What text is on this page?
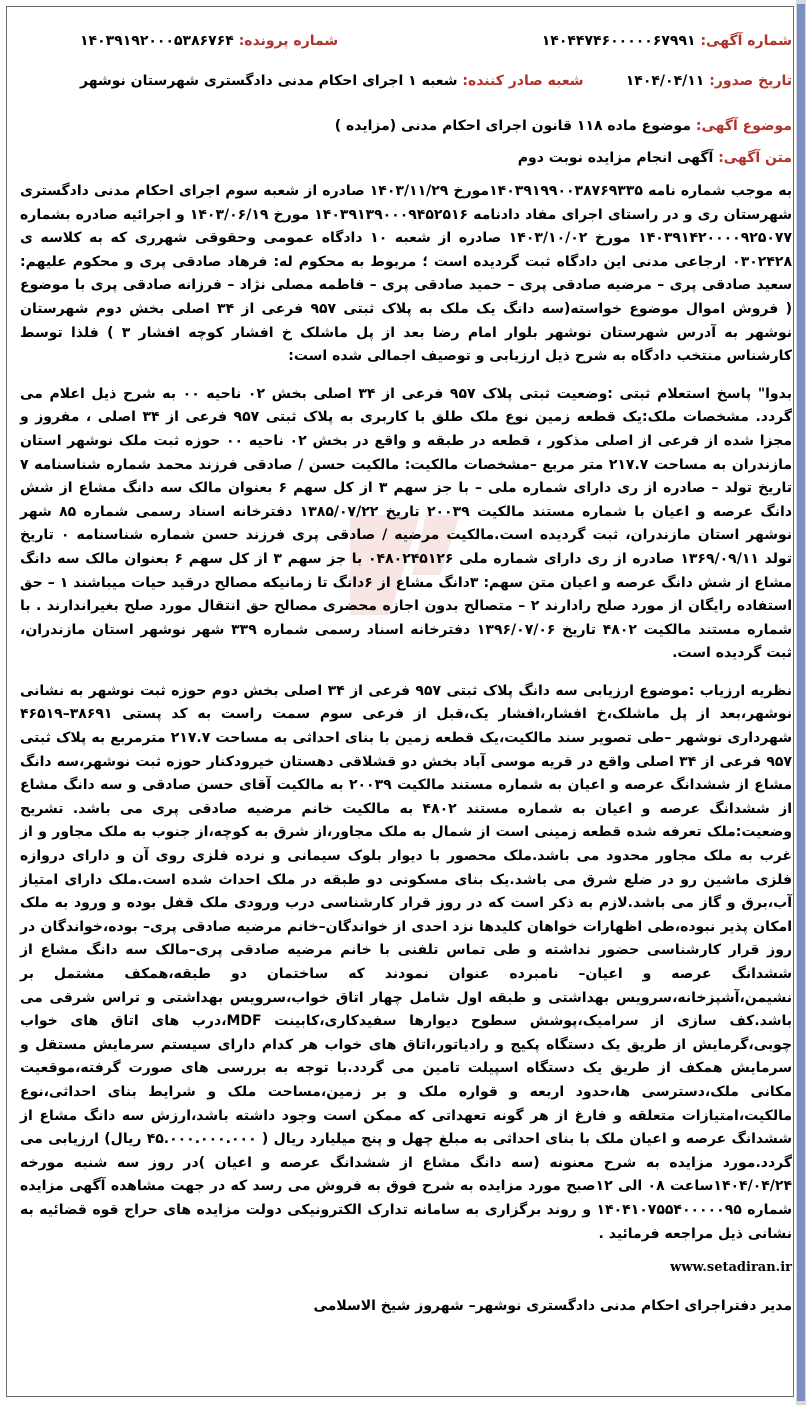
شماره آگهی: ۱۴۰۴۴۷۴۶۰۰۰۰۰۶۷۹۹۱
شماره پرونده: ۱۴۰۳۹۱۹۲۰۰۰۵۳۸۶۷۶۴
تاریخ صدور: ۱۴۰۴/۰۴/۱۱
شعبه صادر کننده: شعبه ۱ اجرای احکام مدنی دادگستری شهرستان نوشهر
موضوع آگهی: موضوع ماده ۱۱۸ قانون اجرای احکام مدنی (مزایده )
متن آگهی: آگهی انجام مزایده نوبت دوم

به موجب شماره نامه ۱۴۰۳۹۱۹۹۰۰۳۸۷۶۹۳۳۵مورخ ۱۴۰۳/۱۱/۲۹ صادره از شعبه سوم اجرای احکام مدنی دادگستری شهرستان ری و در راستای اجرای مفاد دادنامه ۱۴۰۳۹۱۳۹۰۰۰۹۴۵۲۵۱۶ مورخ ۱۴۰۳/۰۶/۱۹ و اجرائیه صادره بشماره ۱۴۰۳۹۱۴۲۰۰۰۰۹۲۵۰۷۷ مورخ ۱۴۰۳/۱۰/۰۲ صادره از شعبه ۱۰ دادگاه عمومی وحقوقی شهرری که به کلاسه ی ۰۳۰۲۴۲۸ ارجاعی مدنی این دادگاه ثبت گردیده است ؛ مربوط به محکوم له: فرهاد صادقی پری و محکوم علیهم: سعید صادقی پری – مرضیه صادقی پری – حمید صادقی پری – فاطمه مصلی نژاد – فرزانه صادقی پری با موضوع ( فروش اموال موضوع خواسته(سه دانگ یک ملک به پلاک ثبتی ۹۵۷ فرعی از ۳۴ اصلی بخش دوم شهرستان نوشهر به آدرس شهرستان نوشهر بلوار امام رضا بعد از پل ماشلک خ افشار کوچه افشار ۳ ) فلذا توسط کارشناس منتخب دادگاه به شرح ذیل ارزیابی و توصیف اجمالی شده است:

بدوا" پاسخ استعلام ثبتی :وضعیت ثبتی پلاک ۹۵۷ فرعی از ۳۴ اصلی بخش ۰۲ ناحیه ۰۰ به شرح ذیل اعلام می گردد. مشخصات ملک:یک قطعه زمین نوع ملک طلق با کاربری به پلاک ثبتی ۹۵۷ فرعی از ۳۴ اصلی ، مفروز و مجزا شده از فرعی از اصلی مذکور ، قطعه در طبقه و واقع در بخش ۰۲ ناحیه ۰۰ حوزه ثبت ملک نوشهر استان مازندران به مساحت ۲۱۷.۷ متر مربع –مشخصات مالکیت: مالکیت حسن / صادقی فرزند محمد شماره شناسنامه ۷ تاریخ تولد – صادره از ری دارای شماره ملی – با جز سهم ۳ از کل سهم ۶ بعنوان مالک سه دانگ مشاع از شش دانگ عرصه و اعیان با شماره مستند مالکیت ۲۰۰۳۹ تاریخ ۱۳۸۵/۰۷/۲۲ دفترخانه اسناد رسمی شماره ۸۵ شهر نوشهر استان مازندران، ثبت گردیده است.مالکیت مرضیه / صادقی پری فرزند حسن شماره شناسنامه ۰ تاریخ تولد ۱۳۶۹/۰۹/۱۱ صادره از ری دارای شماره ملی ۰۴۸۰۲۴۵۱۲۶ با جز سهم ۳ از کل سهم ۶ بعنوان مالک سه دانگ مشاع از شش دانگ عرصه و اعیان متن سهم: ۳دانگ مشاع از ۶دانگ تا زمانیکه مصالح درقید حیات میباشند ۱ – حق استفاده رایگان از مورد صلح رادارند ۲ – متصالح بدون اجازه محضری مصالح حق انتقال مورد صلح بغیراندارند . با شماره مستند مالکیت ۴۸۰۲ تاریخ ۱۳۹۶/۰۷/۰۶ دفترخانه اسناد رسمی شماره ۳۳۹ شهر نوشهر استان مازندران، ثبت گردیده است.

نظریه ارزیاب :موضوع ارزیابی سه دانگ پلاک ثبتی ۹۵۷ فرعی از ۳۴ اصلی بخش دوم حوزه ثبت نوشهر به نشانی نوشهر،بعد از پل ماشلک،خ افشار،افشار یک،قبل از فرعی سوم سمت راست به کد پستی ۳۸۶۹۱–۴۶۵۱۹ شهرداری نوشهر –طی تصویر سند مالکیت،یک قطعه زمین با بنای احداثی به مساحت ۲۱۷.۷ مترمربع به پلاک ثبتی ۹۵۷ فرعی از ۳۴ اصلی واقع در قریه موسی آباد بخش دو قشلاقی دهستان خیرودکنار حوزه ثبت نوشهر،سه دانگ مشاع از ششدانگ عرصه و اعیان به شماره مستند مالکیت ۲۰۰۳۹ به مالکیت آقای حسن صادقی و سه دانگ مشاع از ششدانگ عرصه و اعیان به شماره مستند ۴۸۰۲ به مالکیت خانم مرضیه صادقی پری می باشد. تشریح وضعیت:ملک تعرفه شده قطعه زمینی است از شمال به ملک مجاور،از شرق به کوچه،از جنوب به ملک مجاور و از غرب به ملک مجاور محدود می باشد.ملک محصور با دیوار بلوک سیمانی و نرده فلزی روی آن و دارای دروازه فلزی ماشین رو در ضلع شرق می باشد.یک بنای مسکونی دو طبقه در ملک احداث شده است.ملک دارای امتیاز آب،برق و گاز می باشد.لازم به ذکر است که در روز قرار کارشناسی درب ورودی ملک قفل بوده و ورود به ملک امکان پذیر نبوده،طی اظهارات خواهان کلیدها نزد احدی از خواندگان–خانم مرضیه صادقی پری– بوده،خواندگان در روز قرار کارشناسی حضور نداشته و طی تماس تلفنی با خانم مرضیه صادقی پری–مالک سه دانگ مشاع از ششدانگ عرصه و اعیان– نامبرده عنوان نمودند که ساختمان دو طبقه،همکف مشتمل بر نشیمن،آشپزخانه،سرویس بهداشتی و طبقه اول شامل چهار اتاق خواب،سرویس بهداشتی و تراس شرقی می باشد.کف سازی از سرامیک،پوشش سطوح دیوارها سفیدکاری،کابینت MDF،درب های اتاق های خواب چوبی،گرمایش از طریق یک دستگاه پکیج و رادیاتور،اتاق های خواب هر کدام دارای سیستم سرمایش مستقل و سرمایش همکف از طریق یک دستگاه اسپیلت تامین می گردد.با توجه به بررسی های صورت گرفته،موقعیت مکانی ملک،دسترسی ها،حدود اربعه و قواره ملک و بر زمین،مساحت ملک و شرایط بنای احداثی،نوع مالکیت،امتیازات متعلقه و فارغ از هر گونه تعهداتی که ممکن است وجود داشته باشد،ارزش سه دانگ مشاع از ششدانگ عرصه و اعیان ملک با بنای احداثی به مبلغ چهل و پنج میلیارد ریال ( ۴۵.۰۰۰.۰۰۰.۰۰۰ ریال) ارزیابی می گردد.مورد مزایده به شرح معنونه (سه دانگ مشاع از ششدانگ عرصه و اعیان )در روز سه شنبه مورخه ۱۴۰۴/۰۴/۲۴ساعت ۰۸ الی ۱۲صبح مورد مزایده به شرح فوق به فروش می رسد که در جهت مشاهده آگهی مزایده شماره ۱۴۰۴۱۰۷۵۵۴۰۰۰۰۰۹۵ و روند برگزاری به سامانه تدارک الکترونیکی دولت مزایده های حراج قوه قضائیه به نشانی ذیل مراجعه فرمائید .

www.setadiran.ir
مدیر دفتراجرای احکام مدنی دادگستری نوشهر– شهروز شیخ الاسلامی
